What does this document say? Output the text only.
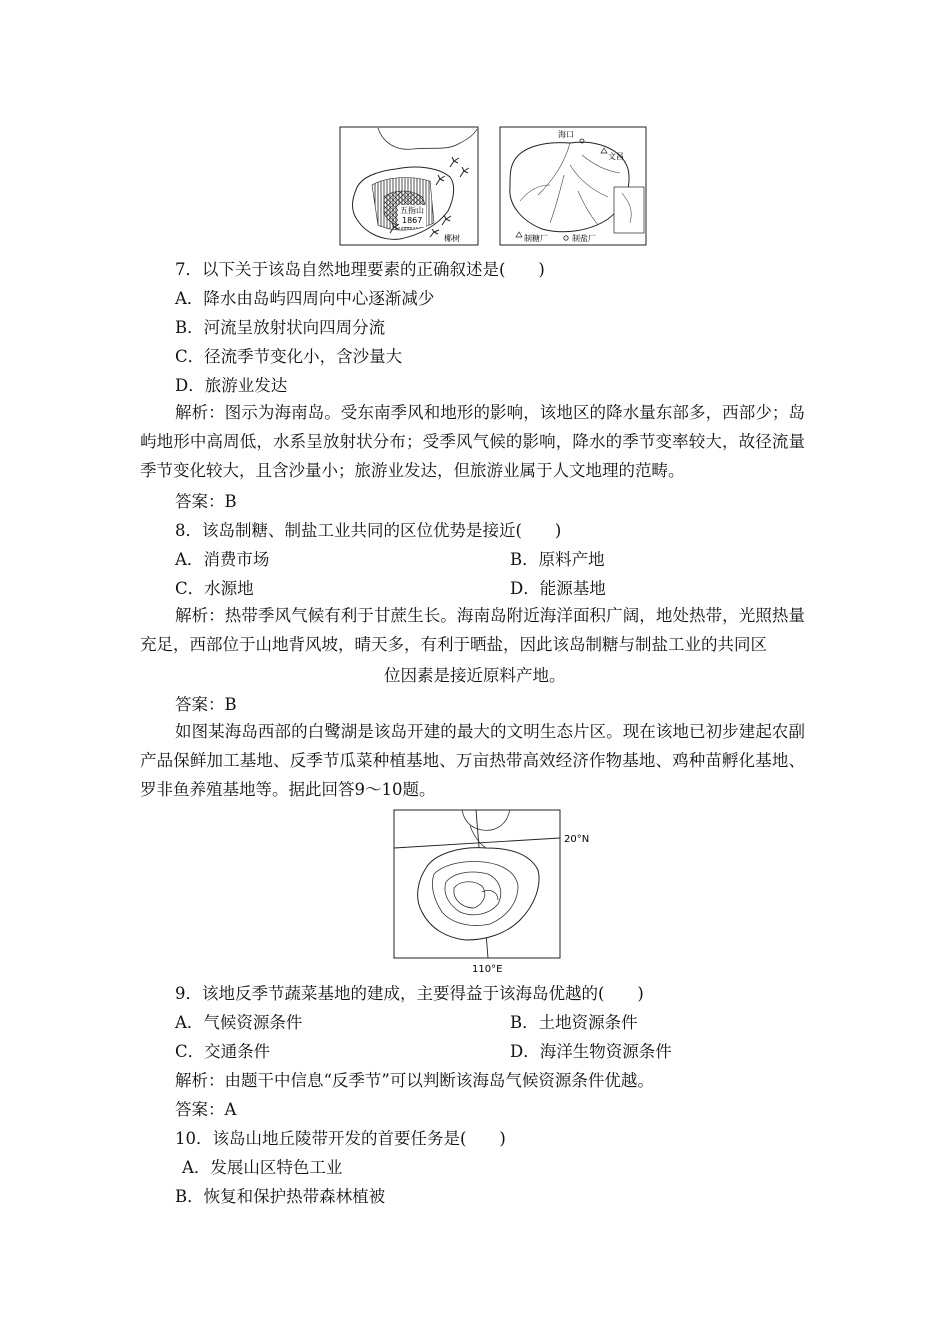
五指山
1867
椰树
海口
文昌
制糖厂	制盐厂
7．以下关于该岛自然地理要素的正确叙述是(　　)
A．降水由岛屿四周向中心逐渐减少
B．河流呈放射状向四周分流
C．径流季节变化小，含沙量大
D．旅游业发达
解析：图示为海南岛。受东南季风和地形的影响，该地区的降水量东部多，西部少；岛屿地形中高周低，水系呈放射状分布；受季风气候的影响，降水的季节变率较大，故径流量季节变化较大，且含沙量小；旅游业发达，但旅游业属于人文地理的范畴。
答案：B
8．该岛制糖、制盐工业共同的区位优势是接近(　　)
A．消费市场	B．原料产地
C．水源地	D．能源基地
解析：热带季风气候有利于甘蔗生长。海南岛附近海洋面积广阔，地处热带，光照热量充足，西部位于山地背风坡，晴天多，有利于晒盐，因此该岛制糖与制盐工业的共同区
位因素是接近原料产地。
答案：B
如图某海岛西部的白鹭湖是该岛开建的最大的文明生态片区。现在该地已初步建起农副产品保鲜加工基地、反季节瓜菜种植基地、万亩热带高效经济作物基地、鸡种苗孵化基地、罗非鱼养殖基地等。据此回答9～10题。
20°N
110°E
9．该地反季节蔬菜基地的建成，主要得益于该海岛优越的(　　)
A．气候资源条件	B．土地资源条件
C．交通条件	D．海洋生物资源条件
解析：由题干中信息“反季节”可以判断该海岛气候资源条件优越。
答案：A
10．该岛山地丘陵带开发的首要任务是(　　)
A．发展山区特色工业
B．恢复和保护热带森林植被
